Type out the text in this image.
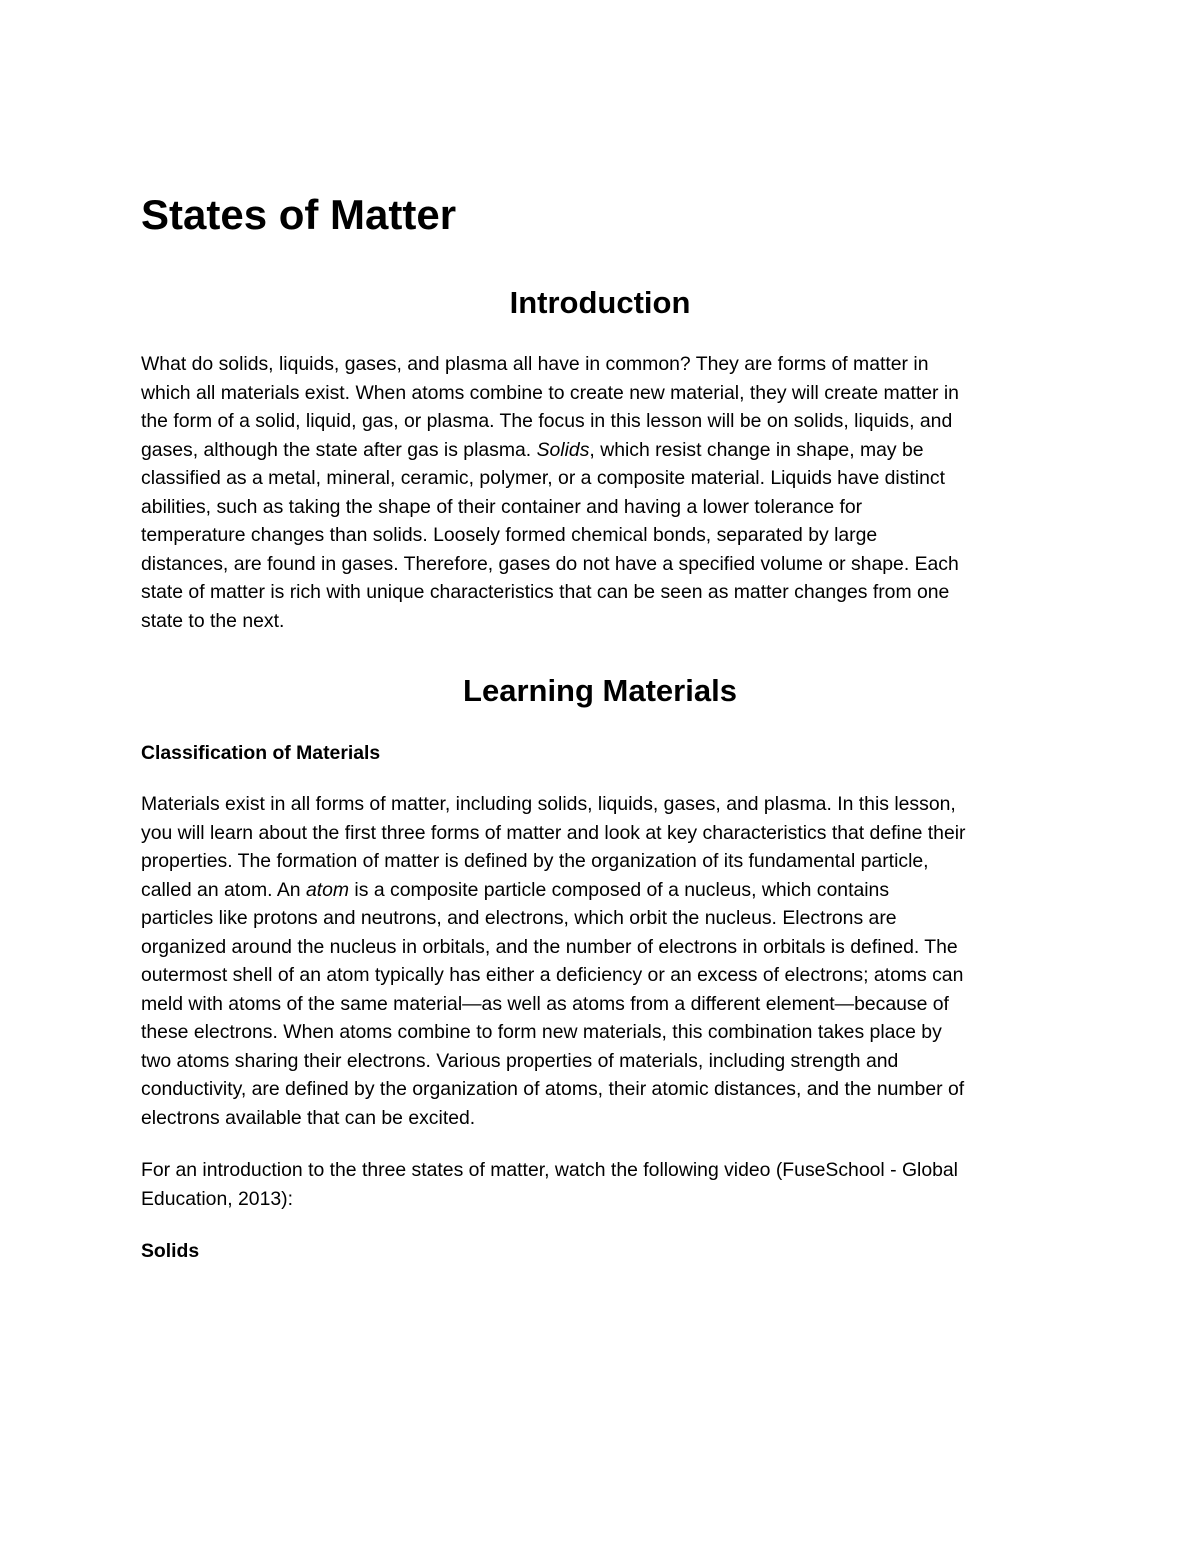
States of Matter
Introduction

What do solids, liquids, gases, and plasma all have in common? They are forms of matter in
which all materials exist. When atoms combine to create new material, they will create matter in
the form of a solid, liquid, gas, or plasma. The focus in this lesson will be on solids, liquids, and
gases, although the state after gas is plasma. Solids, which resist change in shape, may be
classified as a metal, mineral, ceramic, polymer, or a composite material. Liquids have distinct
abilities, such as taking the shape of their container and having a lower tolerance for
temperature changes than solids. Loosely formed chemical bonds, separated by large
distances, are found in gases. Therefore, gases do not have a specified volume or shape. Each
state of matter is rich with unique characteristics that can be seen as matter changes from one
state to the next.

Learning Materials
Classification of Materials

Materials exist in all forms of matter, including solids, liquids, gases, and plasma. In this lesson,
you will learn about the first three forms of matter and look at key characteristics that define their
properties. The formation of matter is defined by the organization of its fundamental particle,
called an atom. An atom is a composite particle composed of a nucleus, which contains
particles like protons and neutrons, and electrons, which orbit the nucleus. Electrons are
organized around the nucleus in orbitals, and the number of electrons in orbitals is defined. The
outermost shell of an atom typically has either a deficiency or an excess of electrons; atoms can
meld with atoms of the same material—as well as atoms from a different element—because of
these electrons. When atoms combine to form new materials, this combination takes place by
two atoms sharing their electrons. Various properties of materials, including strength and
conductivity, are defined by the organization of atoms, their atomic distances, and the number of
electrons available that can be excited.

For an introduction to the three states of matter, watch the following video (FuseSchool - Global
Education, 2013):

Solids
